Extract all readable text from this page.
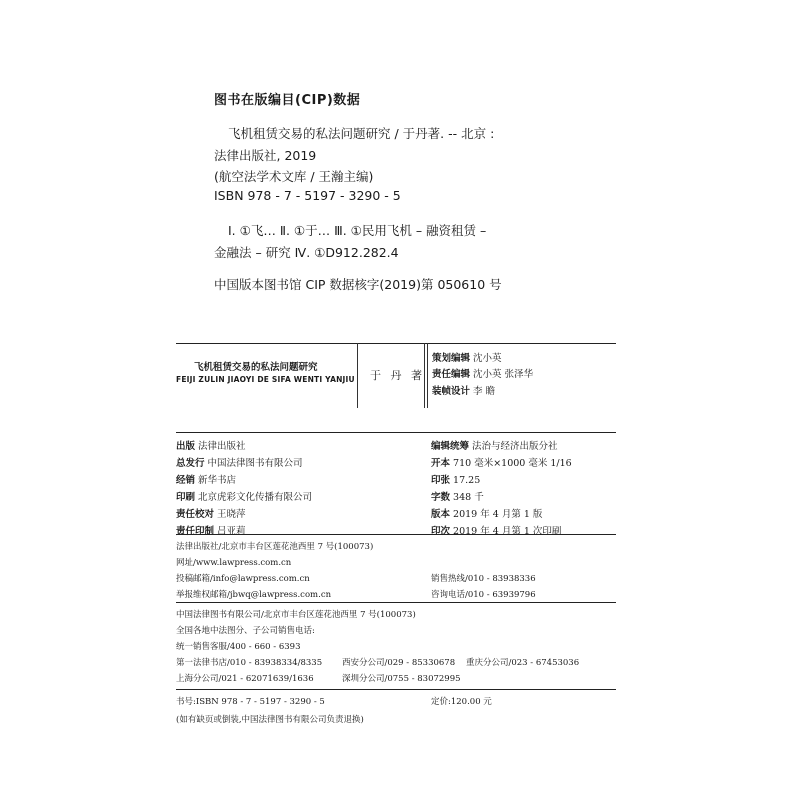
图书在版编目(CIP)数据
飞机租赁交易的私法问题研究 / 于丹著. -- 北京 :
法律出版社, 2019
(航空法学术文库 / 王瀚主编)
ISBN 978 - 7 - 5197 - 3290 - 5
Ⅰ. ①飞… Ⅱ. ①于… Ⅲ. ①民用飞机 – 融资租赁 –
金融法 – 研究 Ⅳ. ①D912.282.4
中国版本图书馆 CIP 数据核字(2019)第 050610 号
飞机租赁交易的私法问题研究
FEIJI ZULIN JIAOYI DE SIFA WENTI YANJIU 于 丹 著
策划编辑 沈小英
责任编辑 沈小英 张泽华
装帧设计 李 瞻
出版 法律出版社
总发行 中国法律图书有限公司
经销 新华书店
印刷 北京虎彩文化传播有限公司
责任校对 王晓萍
责任印制 吕亚莉
编辑统筹 法治与经济出版分社
开本 710 毫米×1000 毫米 1/16
印张 17.25
字数 348 千
版本 2019 年 4 月第 1 版
印次 2019 年 4 月第 1 次印刷
法律出版社/北京市丰台区莲花池西里 7 号(100073)
网址/www.lawpress.com.cn
投稿邮箱/info@lawpress.com.cn
举报维权邮箱/jbwq@lawpress.com.cn
销售热线/010 - 83938336
咨询电话/010 - 63939796
中国法律图书有限公司/北京市丰台区莲花池西里 7 号(100073)
全国各地中法图分、子公司销售电话:
统一销售客服/400 - 660 - 6393
第一法律书店/010 - 83938334/8335 西安分公司/029 - 85330678 重庆分公司/023 - 67453036
上海分公司/021 - 62071639/1636	深圳分公司/0755 - 83072995
书号:ISBN 978 - 7 - 5197 - 3290 - 5	定价:120.00 元
(如有缺页或倒装,中国法律图书有限公司负责退换)
